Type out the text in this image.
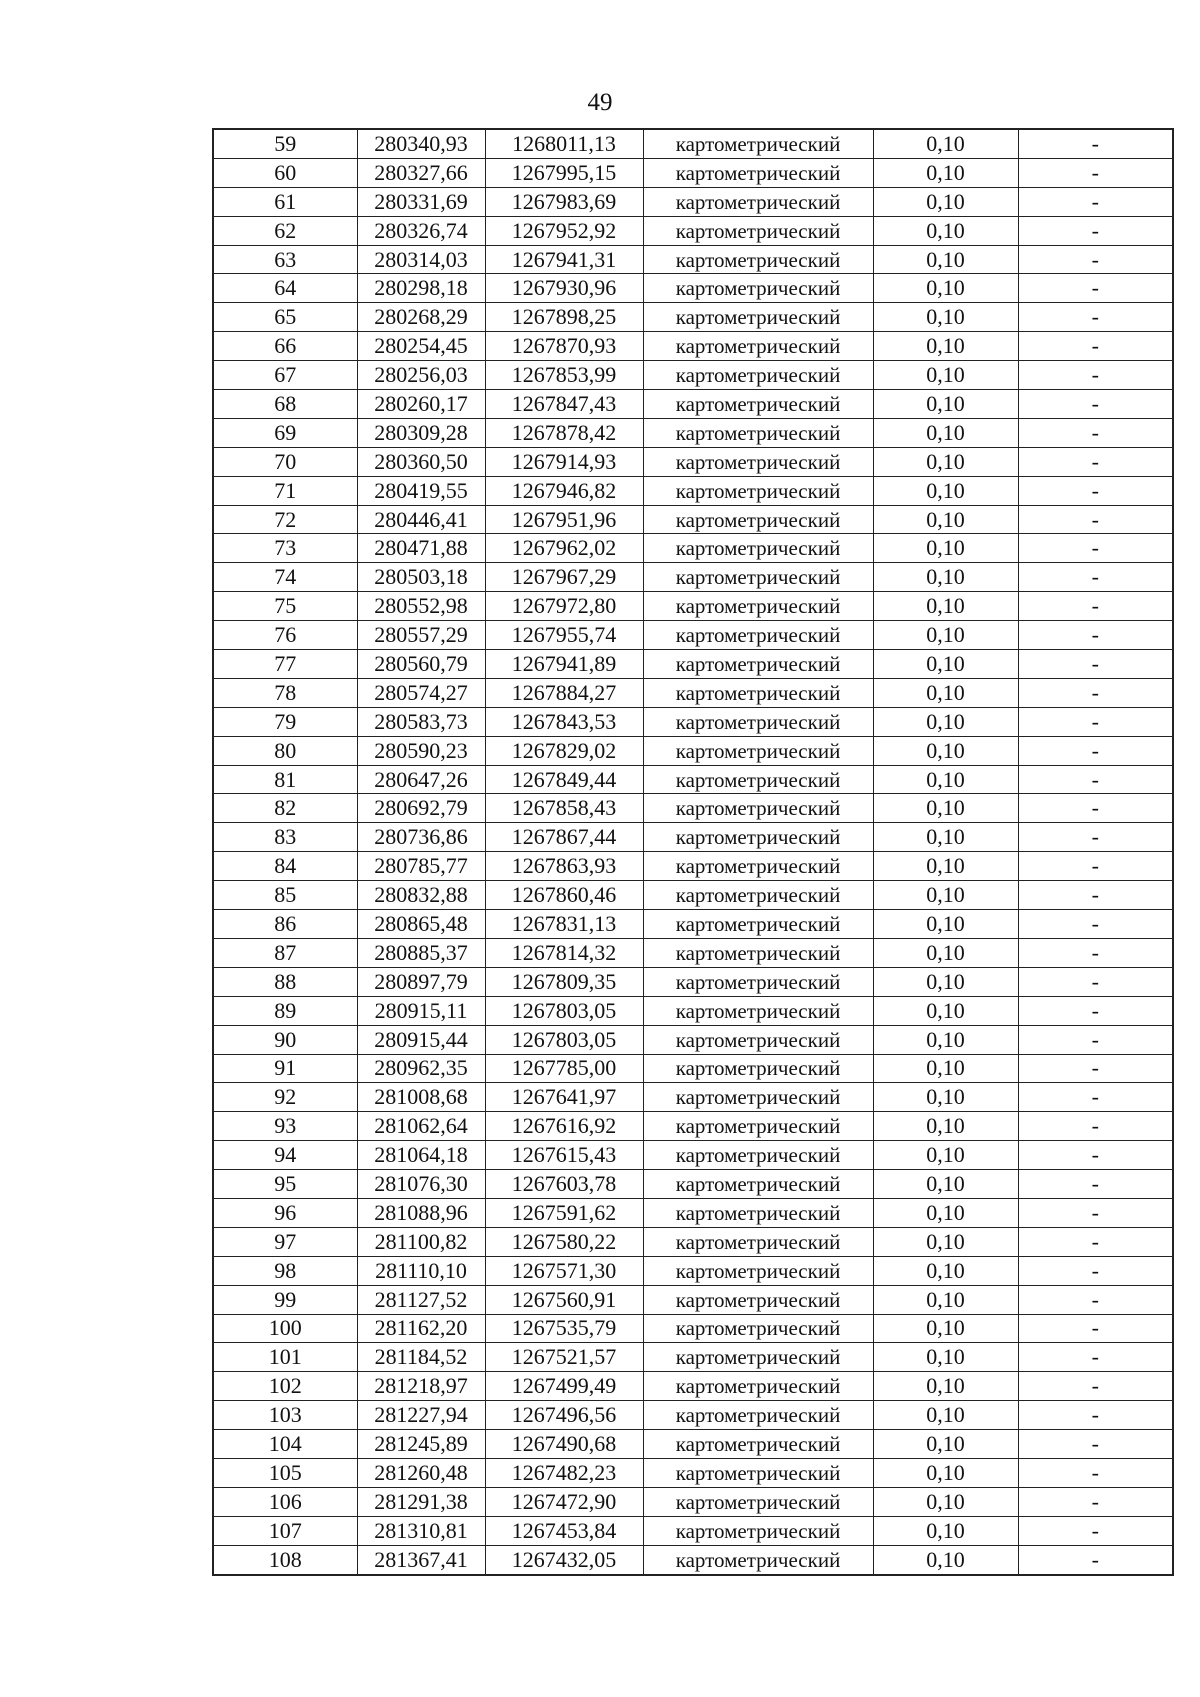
49
59	280340,93	1268011,13	картометрический	0,10	-
60	280327,66	1267995,15	картометрический	0,10	-
61	280331,69	1267983,69	картометрический	0,10	-
62	280326,74	1267952,92	картометрический	0,10	-
63	280314,03	1267941,31	картометрический	0,10	-
64	280298,18	1267930,96	картометрический	0,10	-
65	280268,29	1267898,25	картометрический	0,10	-
66	280254,45	1267870,93	картометрический	0,10	-
67	280256,03	1267853,99	картометрический	0,10	-
68	280260,17	1267847,43	картометрический	0,10	-
69	280309,28	1267878,42	картометрический	0,10	-
70	280360,50	1267914,93	картометрический	0,10	-
71	280419,55	1267946,82	картометрический	0,10	-
72	280446,41	1267951,96	картометрический	0,10	-
73	280471,88	1267962,02	картометрический	0,10	-
74	280503,18	1267967,29	картометрический	0,10	-
75	280552,98	1267972,80	картометрический	0,10	-
76	280557,29	1267955,74	картометрический	0,10	-
77	280560,79	1267941,89	картометрический	0,10	-
78	280574,27	1267884,27	картометрический	0,10	-
79	280583,73	1267843,53	картометрический	0,10	-
80	280590,23	1267829,02	картометрический	0,10	-
81	280647,26	1267849,44	картометрический	0,10	-
82	280692,79	1267858,43	картометрический	0,10	-
83	280736,86	1267867,44	картометрический	0,10	-
84	280785,77	1267863,93	картометрический	0,10	-
85	280832,88	1267860,46	картометрический	0,10	-
86	280865,48	1267831,13	картометрический	0,10	-
87	280885,37	1267814,32	картометрический	0,10	-
88	280897,79	1267809,35	картометрический	0,10	-
89	280915,11	1267803,05	картометрический	0,10	-
90	280915,44	1267803,05	картометрический	0,10	-
91	280962,35	1267785,00	картометрический	0,10	-
92	281008,68	1267641,97	картометрический	0,10	-
93	281062,64	1267616,92	картометрический	0,10	-
94	281064,18	1267615,43	картометрический	0,10	-
95	281076,30	1267603,78	картометрический	0,10	-
96	281088,96	1267591,62	картометрический	0,10	-
97	281100,82	1267580,22	картометрический	0,10	-
98	281110,10	1267571,30	картометрический	0,10	-
99	281127,52	1267560,91	картометрический	0,10	-
100	281162,20	1267535,79	картометрический	0,10	-
101	281184,52	1267521,57	картометрический	0,10	-
102	281218,97	1267499,49	картометрический	0,10	-
103	281227,94	1267496,56	картометрический	0,10	-
104	281245,89	1267490,68	картометрический	0,10	-
105	281260,48	1267482,23	картометрический	0,10	-
106	281291,38	1267472,90	картометрический	0,10	-
107	281310,81	1267453,84	картометрический	0,10	-
108	281367,41	1267432,05	картометрический	0,10	-
